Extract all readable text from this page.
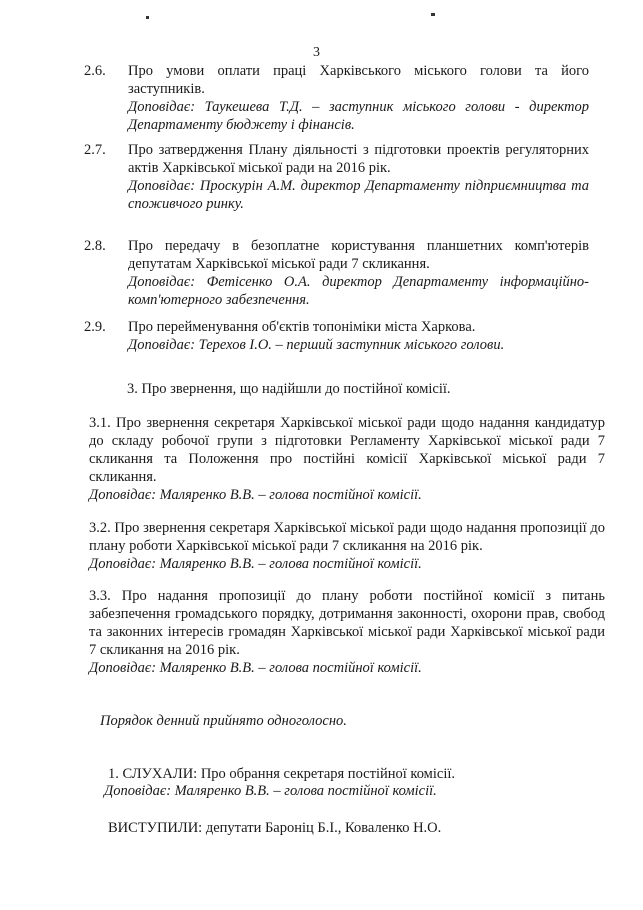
3
2.6. Про умови оплати праці Харківського міського голови та його заступників.

Доповідає: Таукешева Т.Д. – заступник міського голови - директор Департаменту бюджету і фінансів.

2.7. Про затвердження Плану діяльності з підготовки проектів регуляторних актів Харківської міської ради на 2016 рік.

Доповідає: Проскурін А.М. директор Департаменту підприємництва та споживчого ринку.

2.8. Про передачу в безоплатне користування планшетних комп'ютерів депутатам Харківської міської ради 7 скликання.

Доповідає: Фетісенко О.А. директор Департаменту інформаційно-комп'ютерного забезпечення.

2.9. Про перейменування об'єктів топоніміки міста Харкова.

Доповідає: Терехов І.О. – перший заступник міського голови.

3. Про звернення, що надійшли до постійної комісії.

3.1. Про звернення секретаря Харківської міської ради щодо надання кандидатур до складу робочої групи з підготовки Регламенту Харківської міської ради 7 скликання та Положення про постійні комісії Харківської міської ради 7 скликання.

Доповідає: Маляренко В.В. – голова постійної комісії.

3.2. Про звернення секретаря Харківської міської ради щодо надання пропозиції до плану роботи Харківської міської ради 7 скликання на 2016 рік.

Доповідає: Маляренко В.В. – голова постійної комісії.

3.3. Про надання пропозиції до плану роботи постійної комісії з питань забезпечення громадського порядку, дотримання законності, охорони прав, свобод та законних інтересів громадян Харківської міської ради Харківської міської ради 7 скликання на 2016 рік.

Доповідає: Маляренко В.В. – голова постійної комісії.

Порядок денний прийнято одноголосно.
1. СЛУХАЛИ: Про обрання секретаря постійної комісії.
Доповідає: Маляренко В.В. – голова постійної комісії.
ВИСТУПИЛИ: депутати Бароніц Б.І., Коваленко Н.О.
